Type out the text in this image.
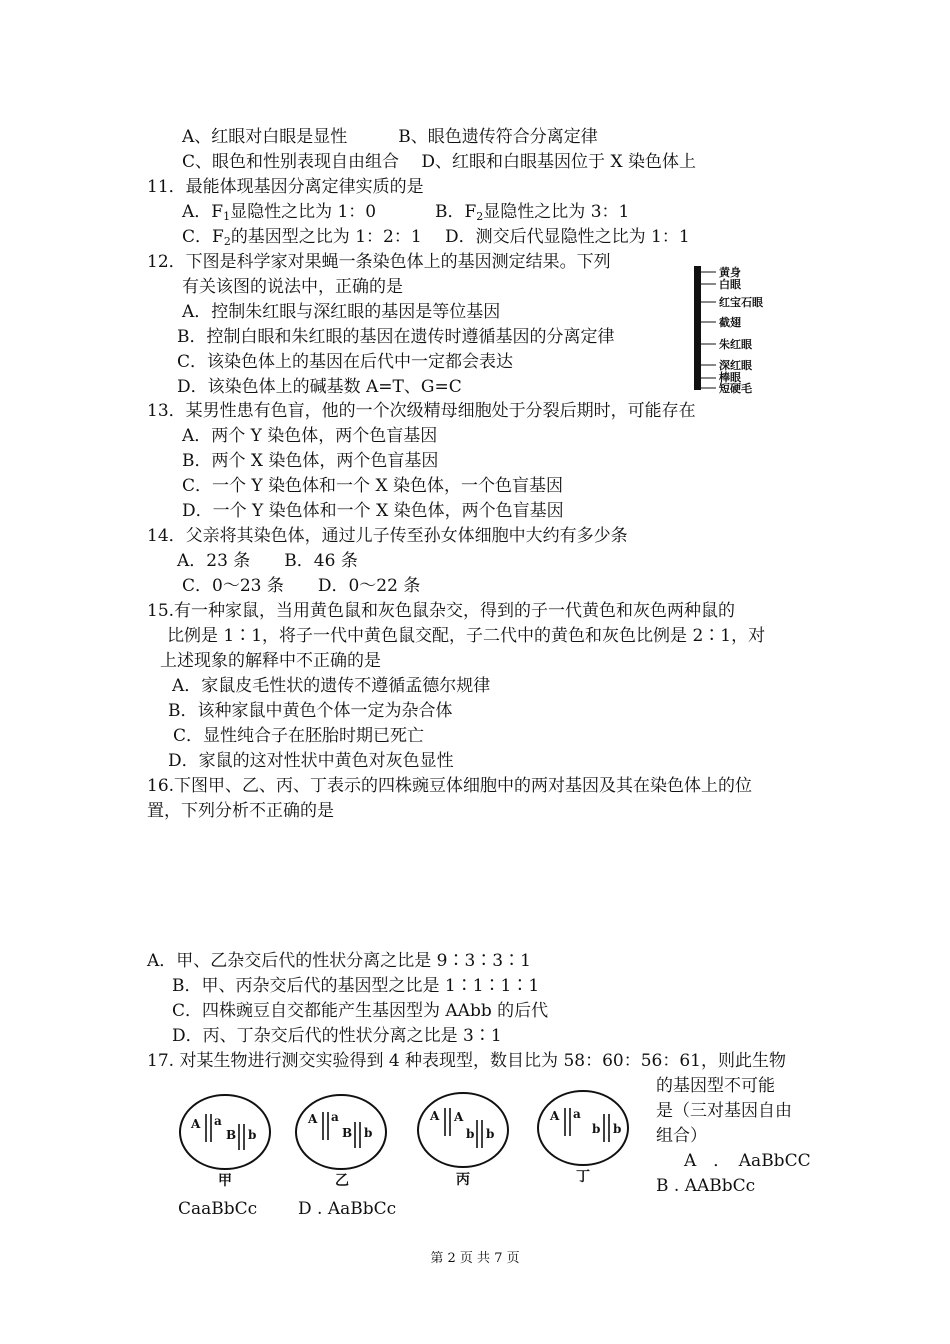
A、红眼对白眼是显性　　　B、眼色遗传符合分离定律
C、眼色和性别表现自由组合　 D、红眼和白眼基因位于 X 染色体上
11．最能体现基因分离定律实质的是
A．$F_1$显隐性之比为 1：0	B．$F_2$显隐性之比为 3：1
C．$F_2$的基因型之比为 1：2：1 D．测交后代显隐性之比为 1：1
12．下图是科学家对果蝇一条染色体上的基因测定结果。下列
有关该图的说法中，正确的是
A．控制朱红眼与深红眼的基因是等位基因
B．控制白眼和朱红眼的基因在遗传时遵循基因的分离定律
C．该染色体上的基因在后代中一定都会表达
D．该染色体上的碱基数 A=T、G=C
黄身
白眼
红宝石眼
截翅
朱红眼
深红眼
棒眼
短硬毛
13．某男性患有色盲，他的一个次级精母细胞处于分裂后期时，可能存在
A．两个 Y 染色体，两个色盲基因
B．两个 X 染色体，两个色盲基因
C．一个 Y 染色体和一个 X 染色体，一个色盲基因
D．一个 Y 染色体和一个 X 染色体，两个色盲基因
14．父亲将其染色体，通过儿子传至孙女体细胞中大约有多少条
A．23 条　　B．46 条
C．0～23 条　　D．0～22 条
15.有一种家鼠，当用黄色鼠和灰色鼠杂交，得到的子一代黄色和灰色两种鼠的
比例是 1∶1，将子一代中黄色鼠交配，子二代中的黄色和灰色比例是 2∶1，对
上述现象的解释中不正确的是
A．家鼠皮毛性状的遗传不遵循孟德尔规律
B．该种家鼠中黄色个体一定为杂合体
C．显性纯合子在胚胎时期已死亡
D．家鼠的这对性状中黄色对灰色显性
16.下图甲、乙、丙、丁表示的四株豌豆体细胞中的两对基因及其在染色体上的位
置，下列分析不正确的是
A．甲、乙杂交后代的性状分离之比是 9∶3∶3∶1
B．甲、丙杂交后代的基因型之比是 1∶1∶1∶1
C．四株豌豆自交都能产生基因型为 AAbb 的后代
D．丙、丁杂交后代的性状分离之比是 3∶1
17. 对某生物进行测交实验得到 4 种表现型，数目比为 58：60：56：61，则此生物
的基因型不可能
是（三对基因自由
组合）
A　．　AaBbCC
B . AABbCc
CaaBbCc D . AaBbCc
A a
B b
A a
B b
A A
b b
A a
b b
甲	乙	丙	丁
第 2 页 共 7 页
